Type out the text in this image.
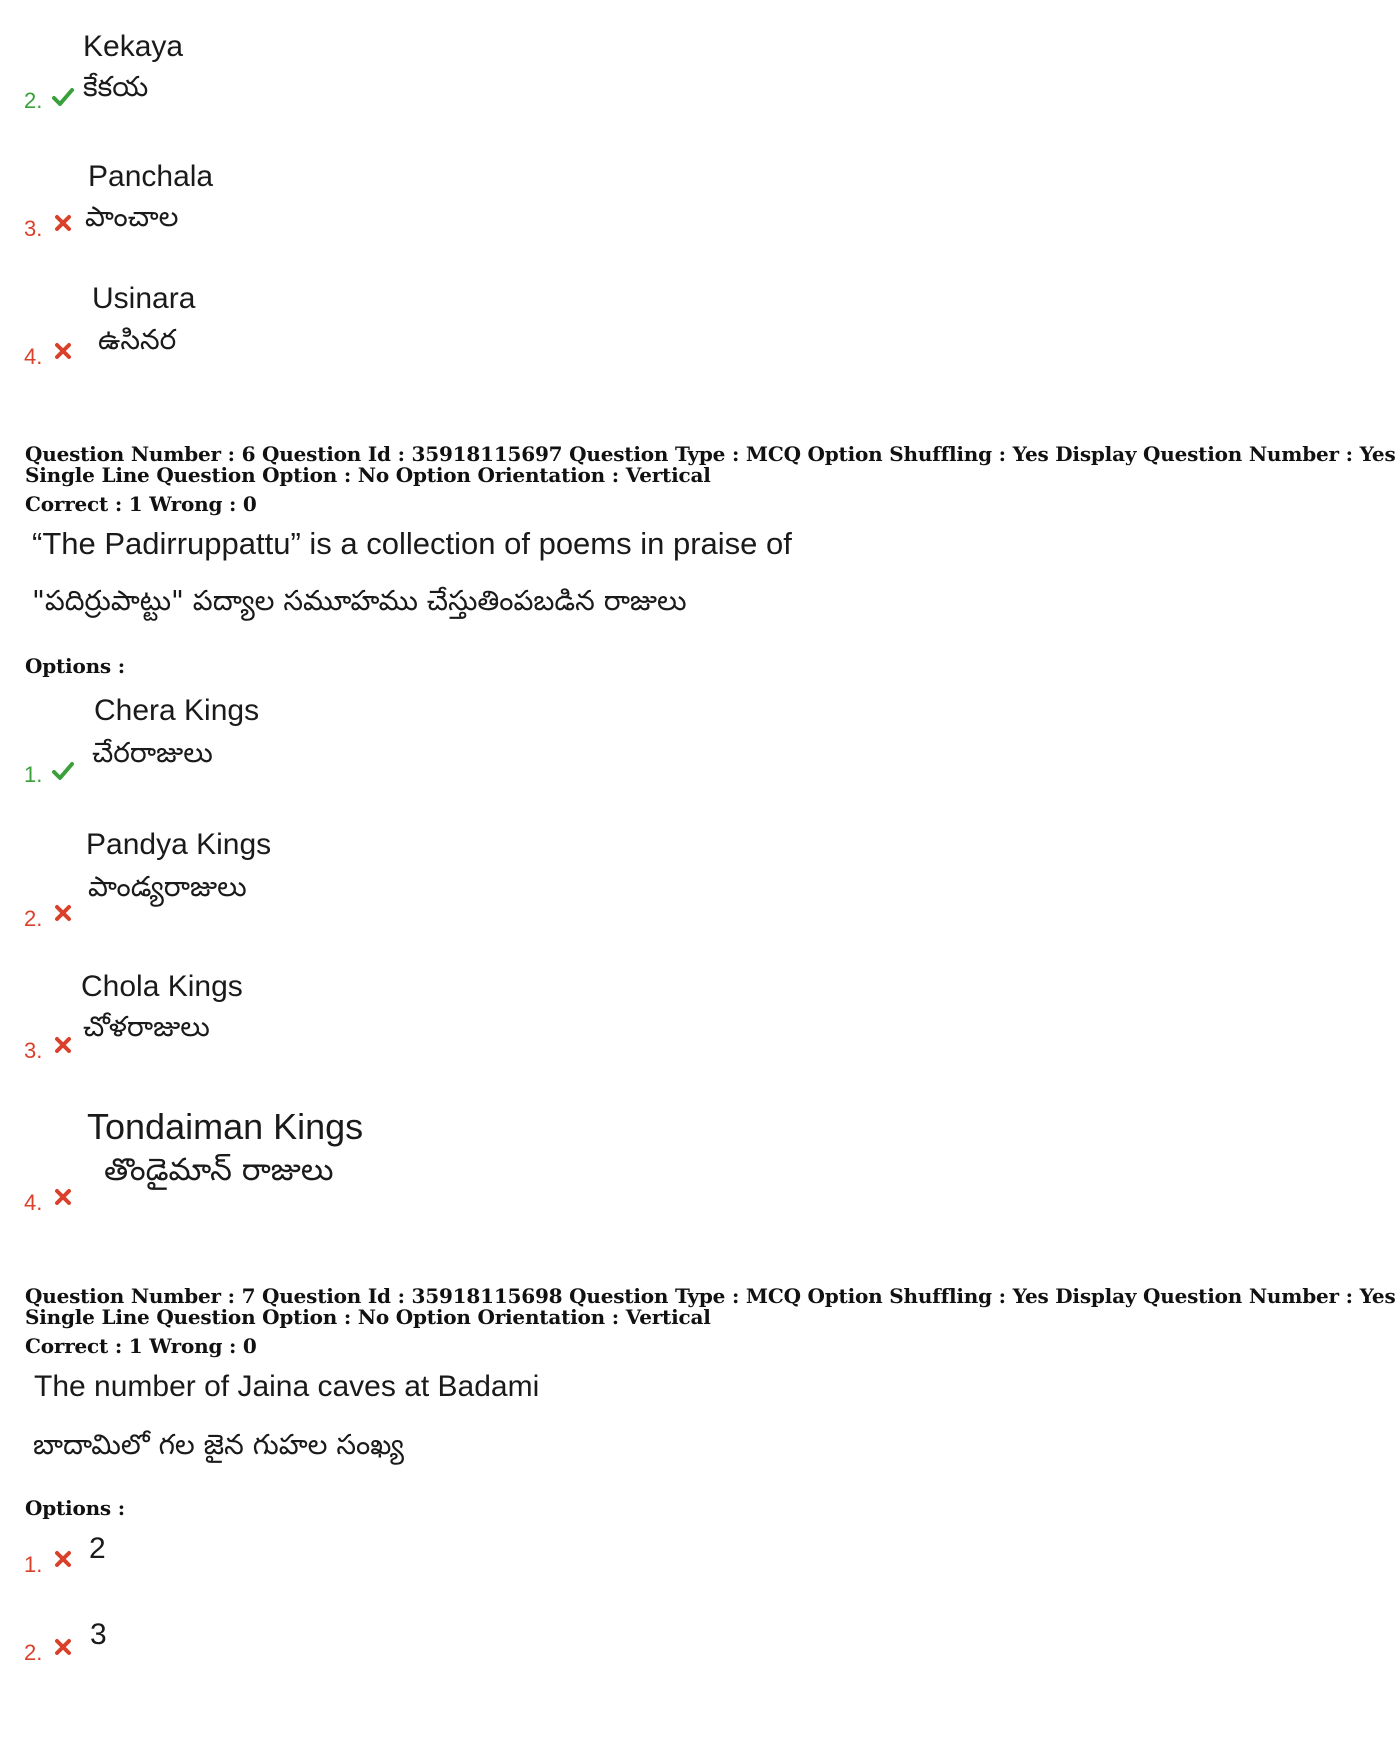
Kekaya
కేకయ
2.
Panchala
పాంచాల
3.
Usinara
ఉసినర
4.
Question Number : 6 Question Id : 35918115697 Question Type : MCQ Option Shuffling : Yes Display Question Number : Yes
Single Line Question Option : No Option Orientation : Vertical
Correct : 1 Wrong : 0
“The Padirruppattu” is a collection of poems in praise of
"పదిర్రుపాట్టు" పద్యాల సమూహము చేస్తుతింపబడిన రాజులు
Options :
Chera Kings
చేరరాజులు
1.
Pandya Kings
పాండ్యరాజులు
2.
Chola Kings
చోళరాజులు
3.
Tondaiman Kings
తొండైమాన్ రాజులు
4.
Question Number : 7 Question Id : 35918115698 Question Type : MCQ Option Shuffling : Yes Display Question Number : Yes
Single Line Question Option : No Option Orientation : Vertical
Correct : 1 Wrong : 0
The number of Jaina caves at Badami
బాదామిలో గల జైన గుహల సంఖ్య
Options :
2
1.
3
2.
